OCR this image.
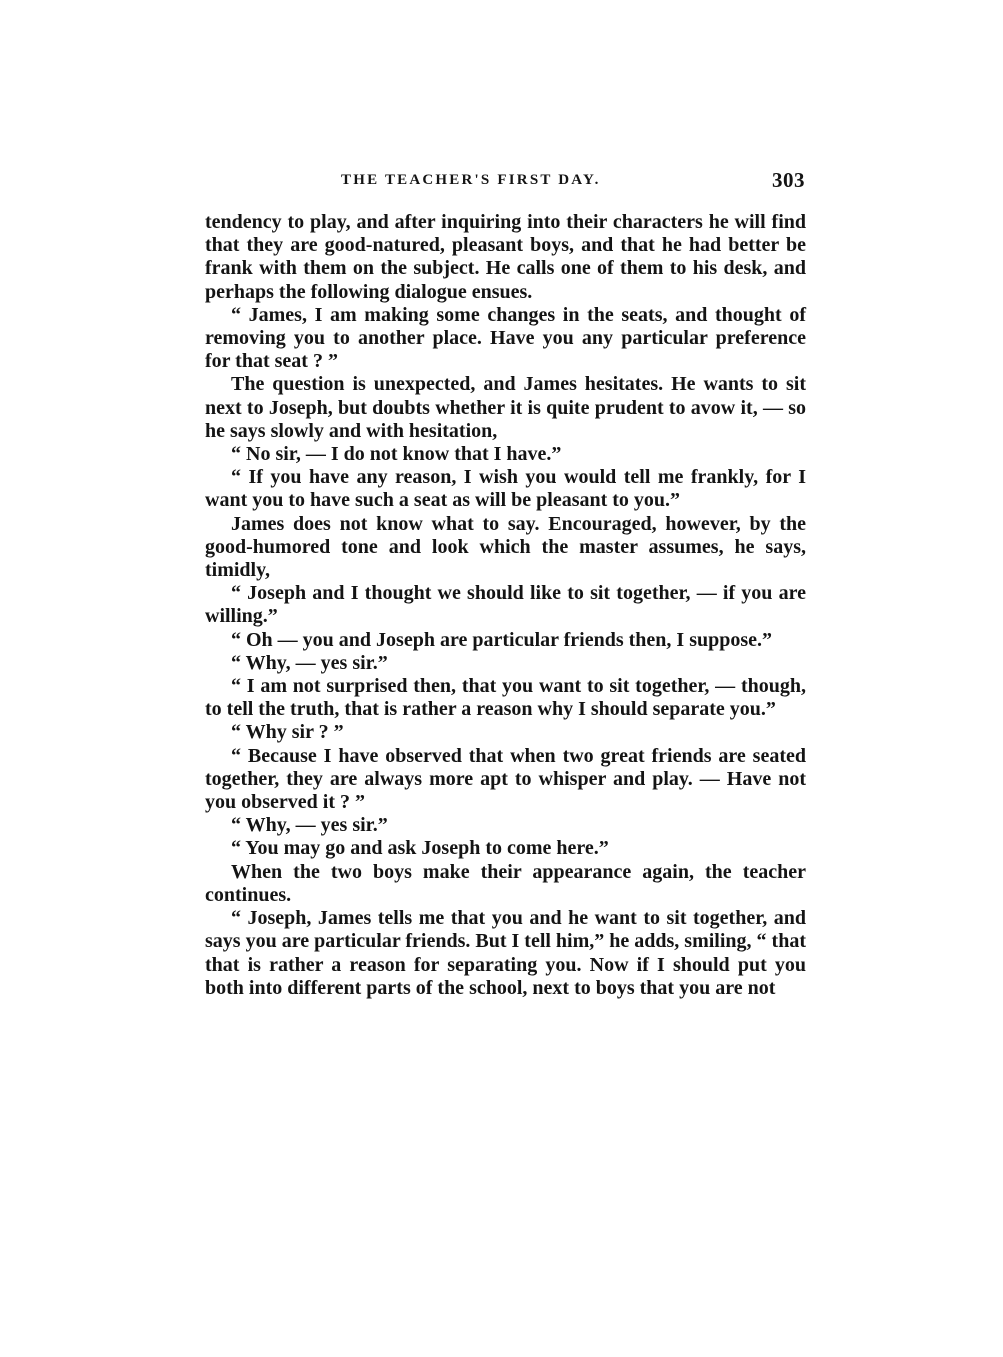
THE TEACHER'S FIRST DAY.	303

tendency to play, and after inquiring into their characters he will find that they are good-natured, pleasant boys, and that he had better be frank with them on the subject. He calls one of them to his desk, and perhaps the following dialogue ensues.

“ James, I am making some changes in the seats, and thought of removing you to another place. Have you any particular preference for that seat ? ”

The question is unexpected, and James hesitates. He wants to sit next to Joseph, but doubts whether it is quite prudent to avow it, — so he says slowly and with hesitation,

“ No sir, — I do not know that I have.”

“ If you have any reason, I wish you would tell me frankly, for I want you to have such a seat as will be pleasant to you.”

James does not know what to say. Encouraged, however, by the good-humored tone and look which the master assumes, he says, timidly,

“ Joseph and I thought we should like to sit together, — if you are willing.”

“ Oh — you and Joseph are particular friends then, I suppose.”

“ Why, — yes sir.”

“ I am not surprised then, that you want to sit together, — though, to tell the truth, that is rather a reason why I should separate you.”

“ Why sir ? ”

“ Because I have observed that when two great friends are seated together, they are always more apt to whisper and play. — Have not you observed it ? ”

“ Why, — yes sir.”

“ You may go and ask Joseph to come here.”

When the two boys make their appearance again, the teacher continues.

“ Joseph, James tells me that you and he want to sit together, and says you are particular friends. But I tell him,” he adds, smiling, “ that that is rather a reason for separating you. Now if I should put you both into different parts of the school, next to boys that you are not
